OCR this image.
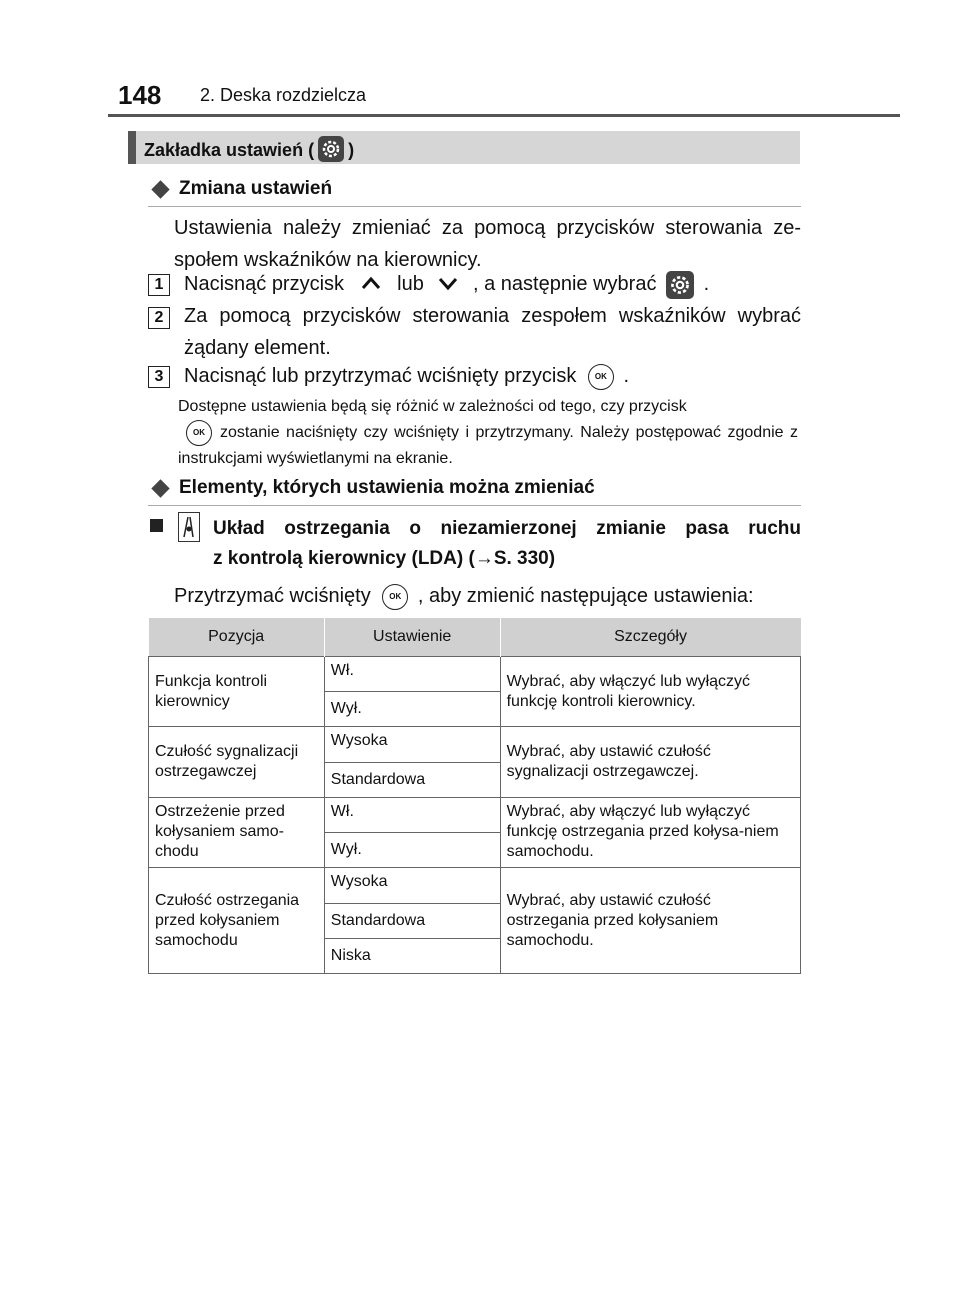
148 2. Deska rozdzielcza
Zakładka ustawień ( )
Zmiana ustawień
Ustawienia należy zmieniać za pomocą przycisków sterowania ze-społem wskaźników na kierownicy.
1	Nacisnąć przycisk	lub , a następnie wybrać .
2	Za pomocą przycisków sterowania zespołem wskaźników wybrać żądany element.
3	Nacisnąć lub przytrzymać wciśnięty przycisk OK .
Dostępne ustawienia będą się różnić w zależności od tego, czy przycisk
OK zostanie naciśnięty czy wciśnięty i przytrzymany. Należy postępować zgodnie z instrukcjami wyświetlanymi na ekranie.
Elementy, których ustawienia można zmieniać
Układ ostrzegania o niezamierzonej zmianie pasa ruchu
z kontrolą kierownicy (LDA) (→S. 330)
Przytrzymać wciśnięty OK , aby zmienić następujące ustawienia:
Pozycja	Ustawienie	Szczegóły
Funkcja kontroli kierownicy	Wł.	Wybrać, aby włączyć lub wyłączyć funkcję kontroli kierownicy.
	Wył.	
Czułość sygnalizacji ostrzegawczej	Wysoka	Wybrać, aby ustawić czułość sygnalizacji ostrzegawczej.
	Standardowa	
Ostrzeżenie przed kołysaniem samo-chodu	Wł.	Wybrać, aby włączyć lub wyłączyć funkcję ostrzegania przed kołysa-niem samochodu.
	Wył.	
Czułość ostrzegania przed kołysaniem samochodu	Wysoka	Wybrać, aby ustawić czułość ostrzegania przed kołysaniem samochodu.
	Standardowa	
	Niska	
